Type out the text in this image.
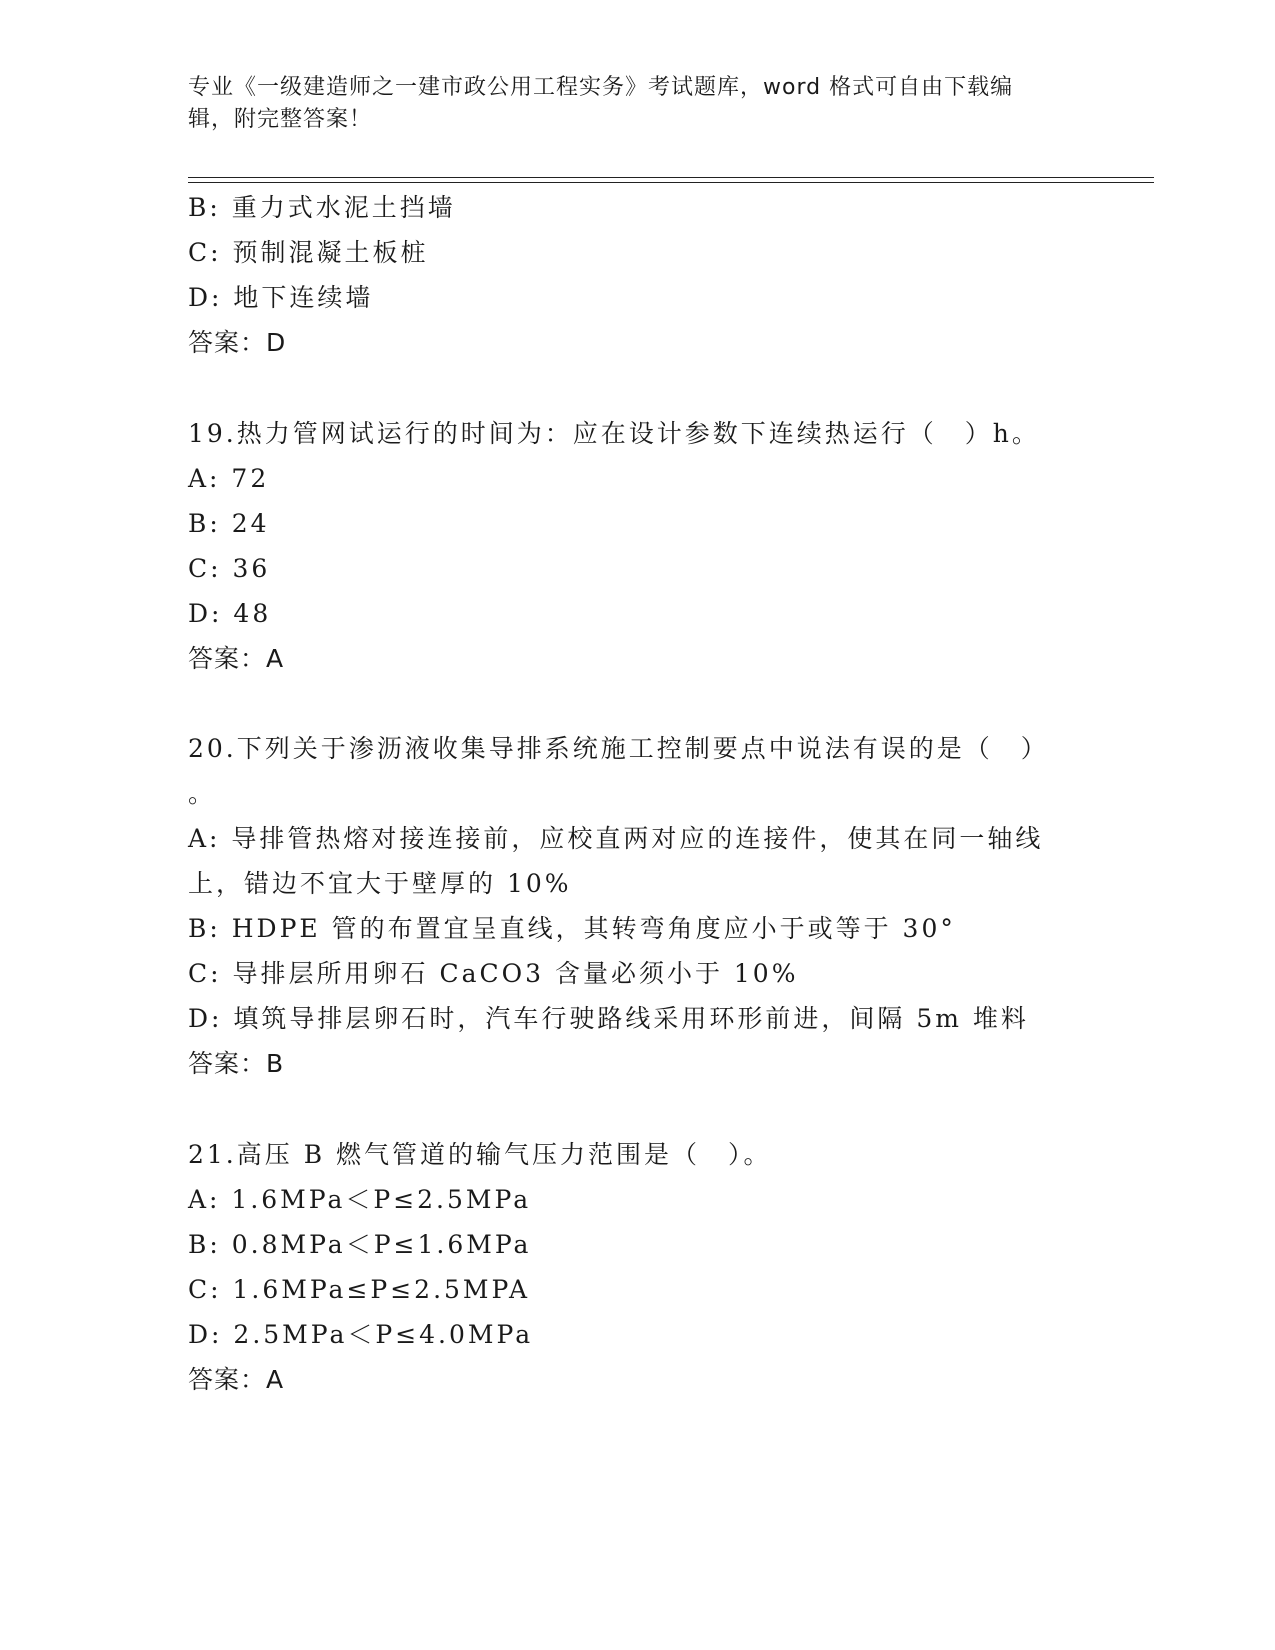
专业《一级建造师之一建市政公用工程实务》考试题库，word 格式可自由下载编
辑，附完整答案！
B: 重力式水泥土挡墙
C: 预制混凝土板桩
D: 地下连续墙
答案：D
19.热力管网试运行的时间为：应在设计参数下连续热运行（　）h。
A: 72
B: 24
C: 36
D: 48
答案：A
20.下列关于渗沥液收集导排系统施工控制要点中说法有误的是（　）
。
A: 导排管热熔对接连接前，应校直两对应的连接件，使其在同一轴线
上，错边不宜大于壁厚的 10%
B: HDPE 管的布置宜呈直线，其转弯角度应小于或等于 30°
C: 导排层所用卵石 CaCO3 含量必须小于 10%
D: 填筑导排层卵石时，汽车行驶路线采用环形前进，间隔 5m 堆料
答案：B
21.高压 B 燃气管道的输气压力范围是（　）。
A: 1.6MPa＜P≤2.5MPa
B: 0.8MPa＜P≤1.6MPa
C: 1.6MPa≤P≤2.5MPA
D: 2.5MPa＜P≤4.0MPa
答案：A
